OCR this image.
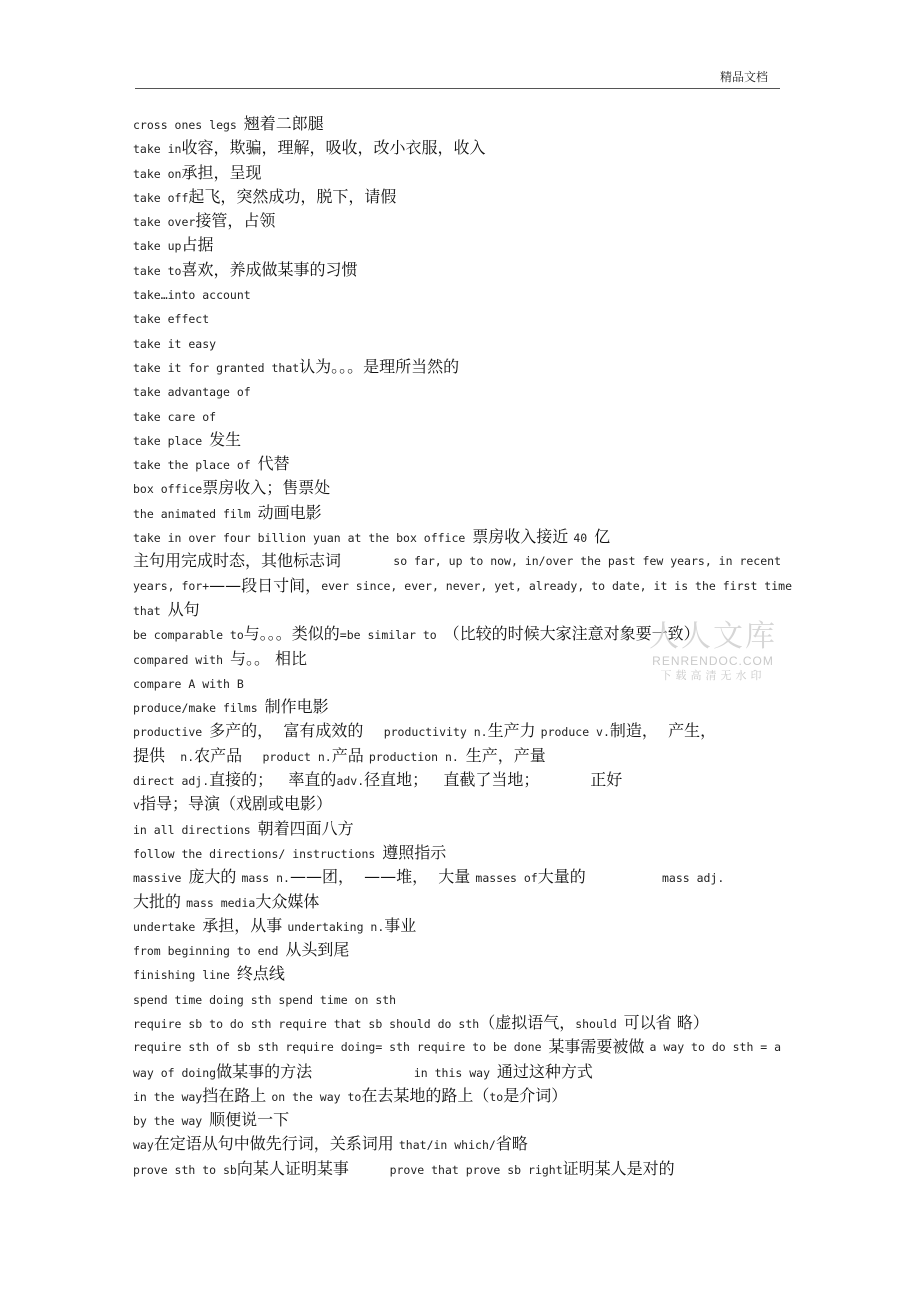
精品文档
cross ones legs 翘着二郎腿
take in收容，欺骗，理解，吸收，改小衣服，收入
take on承担，呈现
take off起飞，突然成功，脱下，请假
take over接管，占领
take up占据
take to喜欢，养成做某事的习惯
take…into account
take effect
take it easy
take it for granted that认为。。。是理所当然的
take advantage of
take care of
take place 发生
take the place of 代替
box office票房收入；售票处
the animated film 动画电影
take in over four billion yuan at the box office 票房收入接近 40 亿
主句用完成时态，其他标志词	so far, up to now, in/over the past few years, in recent
years, for+ ——段日寸间， ever since, ever, never, yet, already, to date, it is the first time
that 从句
be comparable to与。。。类似的=be similar to （比较的时候大家注意对象要一致）
compared with 与。。 相比
compare A with B
produce/make films 制作电影
productive 多产的，  富有成效的    productivity n.生产力 produce v.制造，  产生，
提供   n.农产品    product n.产品 production n. 生产，产量
direct adj.直接的；   率直的adv.径直地；   直截了当地；          正好
v指导；导演（戏剧或电影）
in all directions 朝着四面八方
follow the directions/ instructions 遵照指示
massive 庞大的 mass n.——团，  ——堆，  大量 masses of大量的               mass adj.
大批的 mass media大众媒体
undertake 承担，从事 undertaking n.事业
from beginning to end 从头到尾
finishing line 终点线
spend time doing sth spend time on sth
require sb to do sth require that sb should do sth（虚拟语气，should 可以省 略）
require sth of sb sth require doing= sth require to be done 某事需要被做 a way to do sth = a
way of doing做某事的方法                    in this way 通过这种方式
in the way挡在路上 on the way to在去某地的路上（to是介词）
by the way 顺便说一下
way在定语从句中做先行词，关系词用 that/in which/省略
prove sth to sb向某人证明某事        prove that prove sb right证明某人是对的
人人文库
RENRENDOC.COM
下载高清无水印
